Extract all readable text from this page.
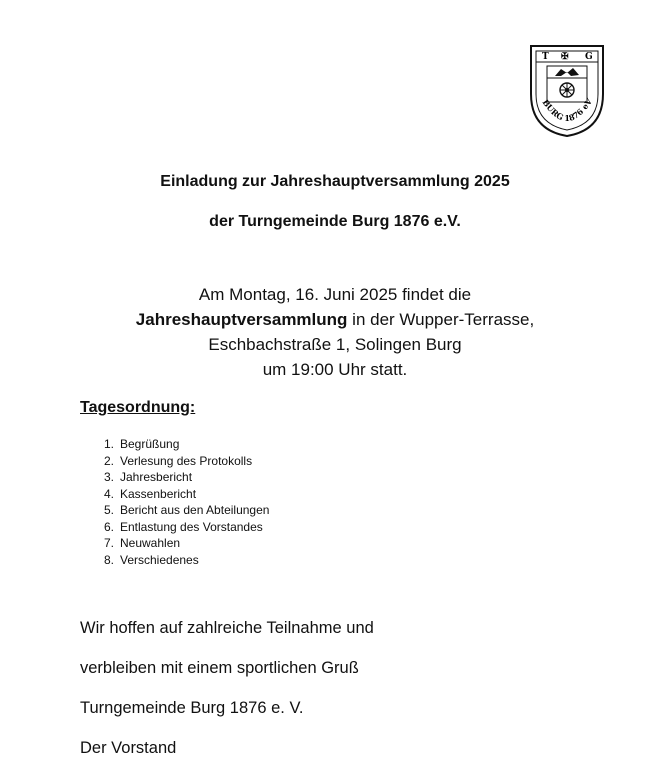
T	G
✠
BURG 1876 eV
Einladung zur Jahreshauptversammlung 2025
der Turngemeinde Burg 1876 e.V.
Am Montag, 16. Juni 2025 findet die
Jahreshauptversammlung in der Wupper-Terrasse,
Eschbachstraße 1, Solingen Burg
um 19:00 Uhr statt.
Tagesordnung:
1. Begrüßung
2. Verlesung des Protokolls
3. Jahresbericht
4. Kassenbericht
5. Bericht aus den Abteilungen
6. Entlastung des Vorstandes
7. Neuwahlen
8. Verschiedenes
Wir hoffen auf zahlreiche Teilnahme und
verbleiben mit einem sportlichen Gruß
Turngemeinde Burg 1876 e. V.
Der Vorstand
